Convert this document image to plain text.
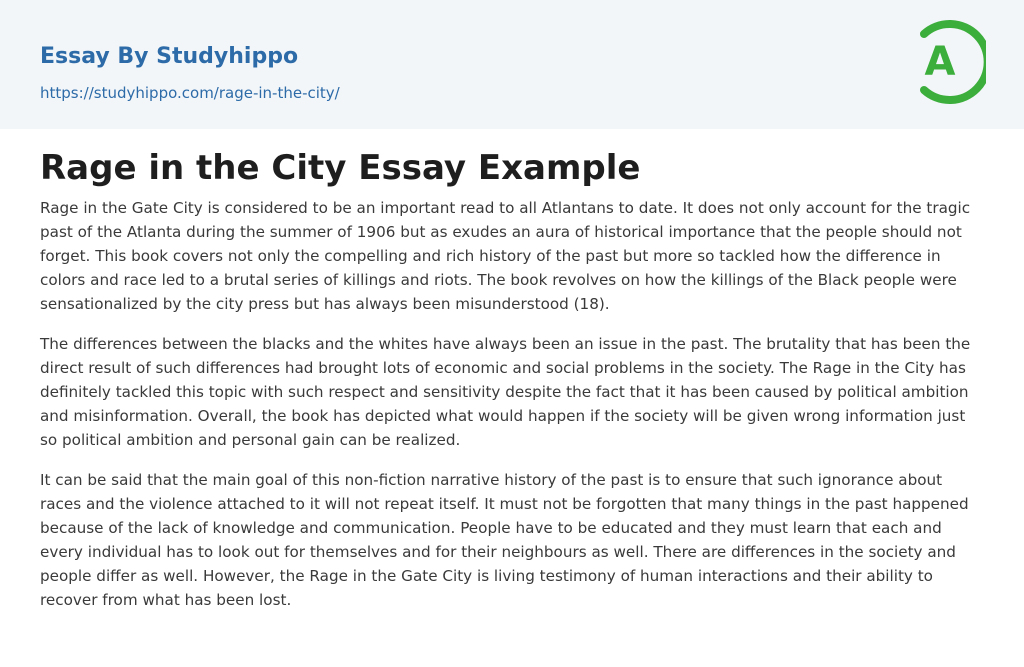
Essay By Studyhippo
https://studyhippo.com/rage-in-the-city/
A
Rage in the City Essay Example

Rage in the Gate City is considered to be an important read to all Atlantans to date. It does not only account for the tragic past of the Atlanta during the summer of 1906 but as exudes an aura of historical importance that the people should not forget. This book covers not only the compelling and rich history of the past but more so tackled how the difference in colors and race led to a brutal series of killings and riots. The book revolves on how the killings of the Black people were sensationalized by the city press but has always been misunderstood (18).

The differences between the blacks and the whites have always been an issue in the past. The brutality that has been the direct result of such differences had brought lots of economic and social problems in the society. The Rage in the City has definitely tackled this topic with such respect and sensitivity despite the fact that it has been caused by political ambition and misinformation. Overall, the book has depicted what would happen if the society will be given wrong information just so political ambition and personal gain can be realized.

It can be said that the main goal of this non-fiction narrative history of the past is to ensure that such ignorance about races and the violence attached to it will not repeat itself. It must not be forgotten that many things in the past happened because of the lack of knowledge and communication. People have to be educated and they must learn that each and every individual has to look out for themselves and for their neighbours as well. There are differences in the society and people differ as well. However, the Rage in the Gate City is living testimony of human interactions and their ability to recover from what has been lost.
